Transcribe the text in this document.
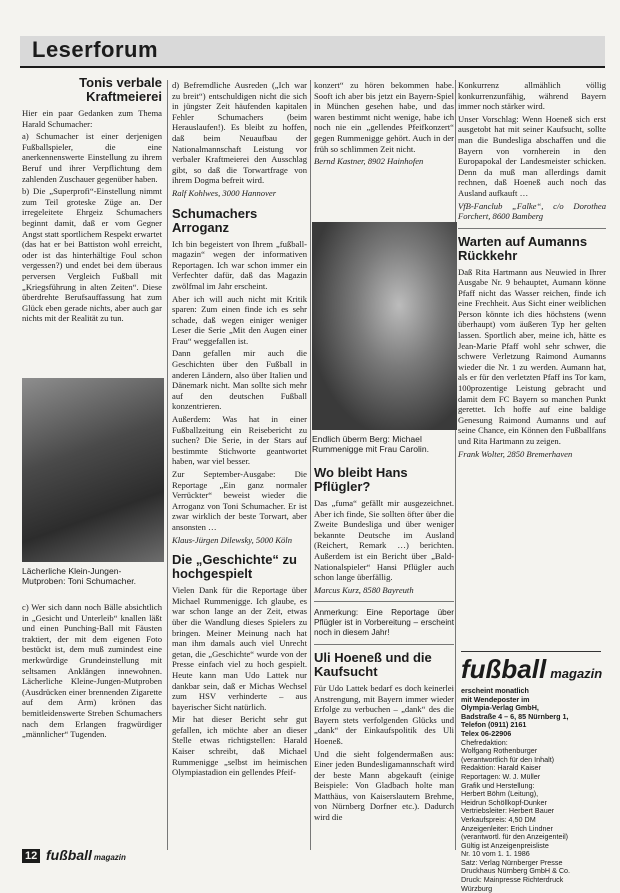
Leserforum
Tonis verbale Kraftmeierei

Hier ein paar Gedanken zum Thema Harald Schumacher:

a) Schumacher ist einer derjenigen Fußballspieler, die eine anerkennenswerte Einstellung zu ihrem Beruf und ihrer Verpflichtung dem zahlenden Zuschauer gegenüber haben.

b) Die „Superprofi“-Einstellung nimmt zum Teil groteske Züge an. Der irregeleitete Ehrgeiz Schumachers beginnt damit, daß er vom Gegner Angst statt sportlichem Respekt erwartet (das hat er bei Battiston wohl erreicht, oder ist das hinterhältige Foul schon vergessen?) und endet bei dem überaus perversen Vergleich Fußball mit „Kriegsführung in alten Zeiten“. Diese überdrehte Berufsauffassung hat zum Glück eben gerade nichts, aber auch gar nichts mit der Realität zu tun.

Lächerliche Klein-Jungen-Mutproben: Toni Schumacher.

c) Wer sich dann noch Bälle absichtlich in „Gesicht und Unterleib“ knallen läßt und einen Punching-Ball mit Fäusten traktiert, der mit dem eigenen Foto bestückt ist, dem muß zumindest eine merkwürdige Grundeinstellung mit seltsamen Anklängen innewohnen. Lächerliche Kleine-Jungen-Mutproben (Ausdrücken einer brennenden Zigarette auf dem Arm) krönen das bemitleidenswerte Streben Schumachers nach dem Erlangen fragwürdiger „männlicher“ Tugenden.

d) Befremdliche Ausreden („Ich war zu breit“) entschuldigen nicht die sich in jüngster Zeit häufenden kapitalen Fehler Schumachers (beim Herauslaufen!). Es bleibt zu hoffen, daß beim Neuaufbau der Nationalmannschaft Leistung vor verbaler Kraftmeierei den Ausschlag gibt, so daß die Torwartfrage von ihrem Dogma befreit wird.

Ralf Kohlwes, 3000 Hannover

Schumachers Arroganz

Ich bin begeistert von Ihrem „fußball-magazin“ wegen der informativen Reportagen. Ich war schon immer ein Verfechter dafür, daß das Magazin zwölfmal im Jahr erscheint.

Aber ich will auch nicht mit Kritik sparen: Zum einen finde ich es sehr schade, daß wegen einiger weniger Leser die Serie „Mit den Augen einer Frau“ weggefallen ist.

Dann gefallen mir auch die Geschichten über den Fußball in anderen Ländern, also über Italien und Dänemark nicht. Man sollte sich mehr auf den deutschen Fußball konzentrieren.

Außerdem: Was hat in einer Fußballzeitung ein Reisebericht zu suchen? Die Serie, in der Stars auf bestimmte Stichworte geantwortet haben, war viel besser.

Zur September-Ausgabe: Die Reportage „Ein ganz normaler Verrückter“ beweist wieder die Arroganz von Toni Schumacher. Er ist zwar wirklich der beste Torwart, aber ansonsten …

Klaus-Jürgen Dilewsky, 5000 Köln

Die „Geschichte“ zu hochgespielt

Vielen Dank für die Reportage über Michael Rummenigge. Ich glaube, es war schon lange an der Zeit, etwas über die Wandlung dieses Spielers zu bringen. Meiner Meinung nach hat man ihm damals auch viel Unrecht getan, die „Geschichte“ wurde von der Presse einfach viel zu hoch gespielt. Heute kann man Udo Lattek nur dankbar sein, daß er Michas Wechsel zum HSV verhinderte – aus bayerischer Sicht natürlich.

Mir hat dieser Bericht sehr gut gefallen, ich möchte aber an dieser Stelle etwas richtigstellen: Harald Kaiser schreibt, daß Michael Rummenigge „selbst im heimischen Olympiastadion ein gellendes Pfeif-

konzert“ zu hören bekommen habe. Sooft ich aber bis jetzt ein Bayern-Spiel in München gesehen habe, und das waren bestimmt nicht wenige, habe ich noch nie ein „gellendes Pfeifkonzert“ gegen Rummenigge gehört. Auch in der früh so schlimmen Zeit nicht.

Bernd Kastner, 8902 Hainhofen

Endlich überm Berg: Michael Rummenigge mit Frau Carolin.
Wo bleibt Hans Pflügler?

Das „fuma“ gefällt mir ausgezeichnet. Aber ich finde, Sie sollten öfter über die Zweite Bundesliga und über weniger bekannte Deutsche im Ausland (Reichert, Remark …) berichten. Außerdem ist ein Bericht über „Bald-Nationalspieler“ Hansi Pflügler auch schon lange überfällig.

Marcus Kurz, 8580 Bayreuth

Anmerkung: Eine Reportage über Pflügler ist in Vorbereitung – erscheint noch in diesem Jahr!

Uli Hoeneß und die Kaufsucht

Für Udo Lattek bedarf es doch keinerlei Anstrengung, mit Bayern immer wieder Erfolge zu verbuchen – „dank“ des die Bayern stets verfolgenden Glücks und „dank“ der Einkaufspolitik des Uli Hoeneß.

Und die sieht folgendermaßen aus: Einer jeden Bundesligamannschaft wird der beste Mann abgekauft (einige Beispiele: Von Gladbach holte man Matthäus, von Kaiserslautern Brehme, von Nürnberg Dorfner etc.). Dadurch wird die

Konkurrenz allmählich völlig konkurrenzunfähig, während Bayern immer noch stärker wird.

Unser Vorschlag: Wenn Hoeneß sich erst ausgetobt hat mit seiner Kaufsucht, sollte man die Bundesliga abschaffen und die Bayern von vornherein in den Europapokal der Landesmeister schicken. Denn da muß man allerdings damit rechnen, daß Hoeneß auch noch das Ausland aufkauft …

VfB-Fanclub „Falke“, c/o Dorothea Forchert, 8600 Bamberg

Warten auf Aumanns Rückkehr

Daß Rita Hartmann aus Neuwied in Ihrer Ausgabe Nr. 9 behauptet, Aumann könne Pfaff nicht das Wasser reichen, finde ich eine Frechheit. Aus Sicht einer weiblichen Person könnte ich dies höchstens (wenn überhaupt) vom äußeren Typ her gelten lassen. Sportlich aber, meine ich, hätte es Jean-Marie Pfaff wohl sehr schwer, die schwere Verletzung Raimond Aumanns wieder die Nr. 1 zu werden. Aumann hat, als er für den verletzten Pfaff ins Tor kam, 100prozentige Leistung gebracht und damit dem FC Bayern so manchen Punkt gerettet. Ich hoffe auf eine baldige Genesung Raimond Aumanns und auf seine Chance, ein Können den Fußballfans und Rita Hartmann zu zeigen.

Frank Wolter, 2850 Bremerhaven

fußball magazin

erscheint monatlich

mit Wendeposter im

Olympia-Verlag GmbH,

Badstraße 4 – 6, 85 Nürnberg 1,

Telefon (0911) 2161

Telex 06-22906

Chefredaktion:

Wolfgang Rothenburger

(verantwortlich für den Inhalt)

Redaktion: Harald Kaiser

Reportagen: W. J. Müller

Grafik und Herstellung:

Herbert Böhm (Leitung),

Heidrun Schöllkopf-Dunker

Vertriebsleiter: Herbert Bauer

Verkaufspreis: 4,50 DM

Anzeigenleiter: Erich Lindner

(verantwortl. für den Anzeigenteil)

Gültig ist Anzeigenpreisliste

Nr. 10 vom 1. 1. 1986

Satz: Verlag Nürnberger Presse

Druckhaus Nürnberg GmbH & Co.

Druck: Mainpresse Richterdruck

Würzburg

12 fußball magazin
